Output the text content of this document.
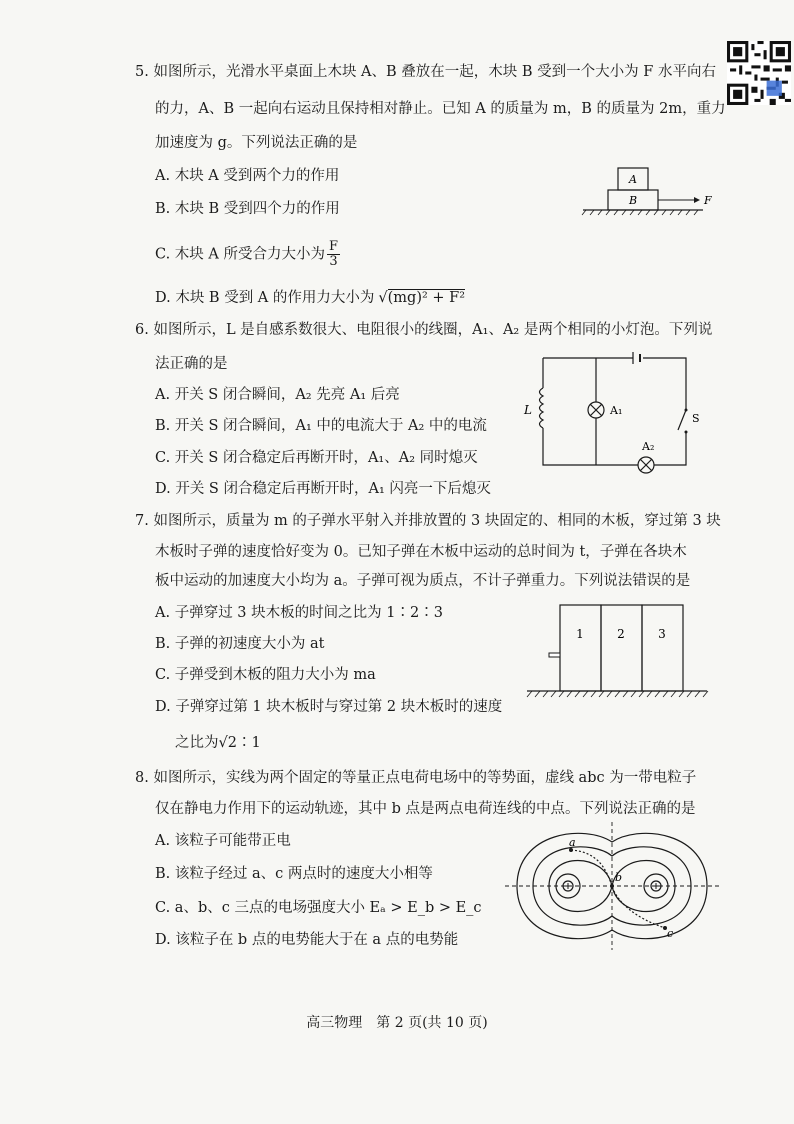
5. 如图所示，光滑水平桌面上木块 A、B 叠放在一起，木块 B 受到一个大小为 F 水平向右
的力，A、B 一起向右运动且保持相对静止。已知 A 的质量为 m，B 的质量为 2m，重力
加速度为 g。下列说法正确的是
A. 木块 A 受到两个力的作用
B. 木块 B 受到四个力的作用
C. 木块 A 所受合力大小为 $\frac{F}{3}$
D. 木块 B 受到 A 的作用力大小为 √(mg)² + F²
A
B	F
6. 如图所示，L 是自感系数很大、电阻很小的线圈，A₁、A₂ 是两个相同的小灯泡。下列说
法正确的是
A. 开关 S 闭合瞬间，A₂ 先亮 A₁ 后亮
B. 开关 S 闭合瞬间，A₁ 中的电流大于 A₂ 中的电流
C. 开关 S 闭合稳定后再断开时，A₁、A₂ 同时熄灭
D. 开关 S 闭合稳定后再断开时，A₁ 闪亮一下后熄灭
L	A₁
A₂
S
7. 如图所示，质量为 m 的子弹水平射入并排放置的 3 块固定的、相同的木板，穿过第 3 块
木板时子弹的速度恰好变为 0。已知子弹在木板中运动的总时间为 t，子弹在各块木
板中运动的加速度大小均为 a。子弹可视为质点，不计子弹重力。下列说法错误的是
A. 子弹穿过 3 块木板的时间之比为 1∶2∶3
B. 子弹的初速度大小为 at
C. 子弹受到木板的阻力大小为 ma
D. 子弹穿过第 1 块木板时与穿过第 2 块木板时的速度
之比为√2∶1
1	2	3
8. 如图所示，实线为两个固定的等量正点电荷电场中的等势面，虚线 abc 为一带电粒子
仅在静电力作用下的运动轨迹，其中 b 点是两点电荷连线的中点。下列说法正确的是
A. 该粒子可能带正电
B. 该粒子经过 a、c 两点时的速度大小相等
C. a、b、c 三点的电场强度大小 Eₐ > E_b > E_c
D. 该粒子在 b 点的电势能大于在 a 点的电势能
a
b
c
高三物理　第 2 页(共 10 页)
